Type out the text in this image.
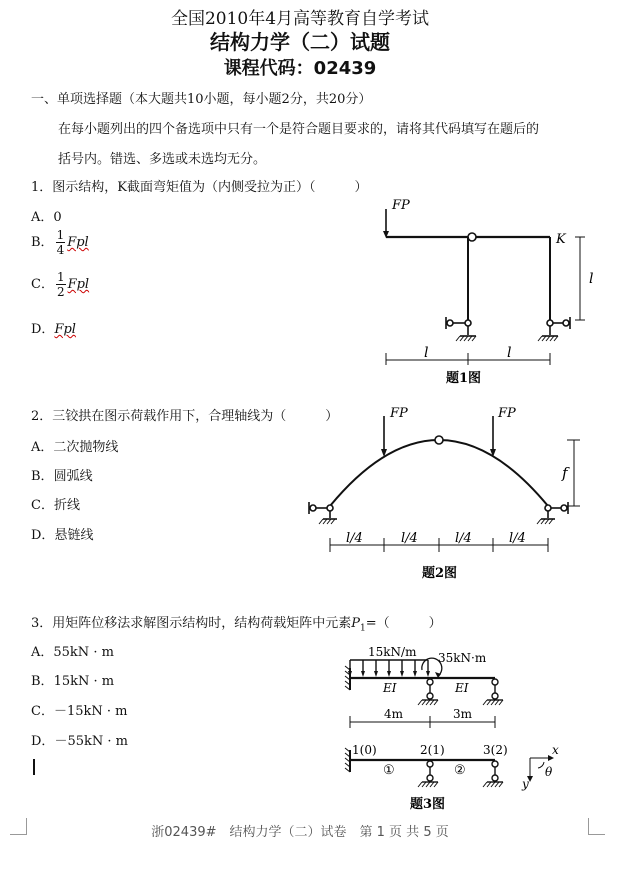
全国2010年4月高等教育自学考试
结构力学（二）试题
课程代码：02439
一、单项选择题（本大题共10小题，每小题2分，共20分）
在每小题列出的四个备选项中只有一个是符合题目要求的，请将其代码填写在题后的
括号内。错选、多选或未选均无分。
1．图示结构，K截面弯矩值为（内侧受拉为正）（　　　）
A．0
B． $\frac{1}{4}$ Fpl
C． $\frac{1}{2}$ Fpl
D．Fpl
FP
K
l
l	l
题1图
2．三铰拱在图示荷载作用下，合理轴线为（　　　）
A．二次抛物线
B．圆弧线
C．折线
D．悬链线
FP	FP
f
l/4	l/4	l/4	l/4
题2图
3．用矩阵位移法求解图示结构时，结构荷载矩阵中元素$P_1=$（　　　）
A．55kN · m
B．15kN · m
C．－15kN · m
D．－55kN · m
15kN/m 35kN·m
EI	EI
4m	3m
1(0)	2(1)	3(2)
①	②
x
y
θ
题3图
浙02439#　结构力学（二）试卷　第 1 页 共 5 页
